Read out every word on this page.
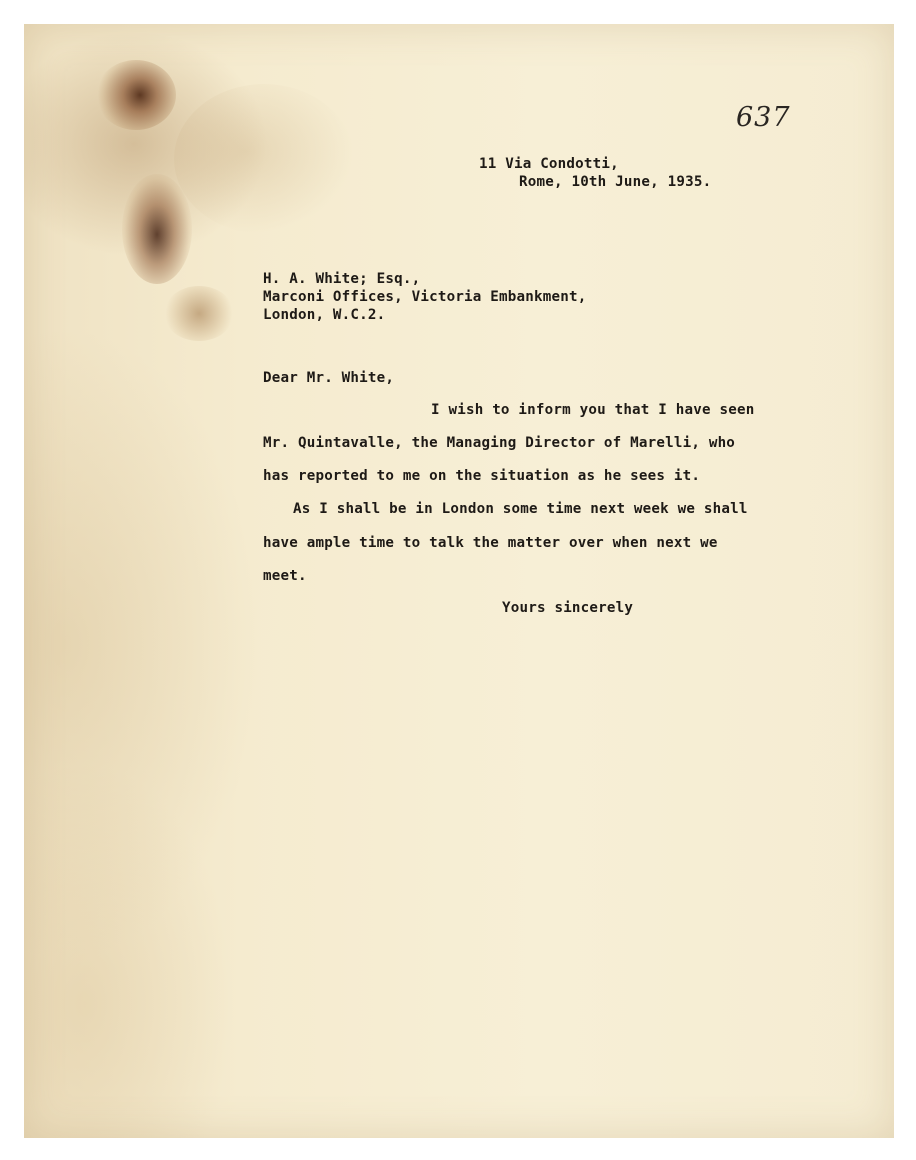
637
11 Via Condotti,
Rome, 10th June, 1935.
H. A. White; Esq.,
Marconi Offices, Victoria Embankment,
London, W.C.2.
Dear Mr. White,
I wish to inform you that I have seen
Mr. Quintavalle, the Managing Director of Marelli, who
has reported to me on the situation as he sees it.
As I shall be in London some time next week we shall
have ample time to talk the matter over when next we
meet.
Yours sincerely
